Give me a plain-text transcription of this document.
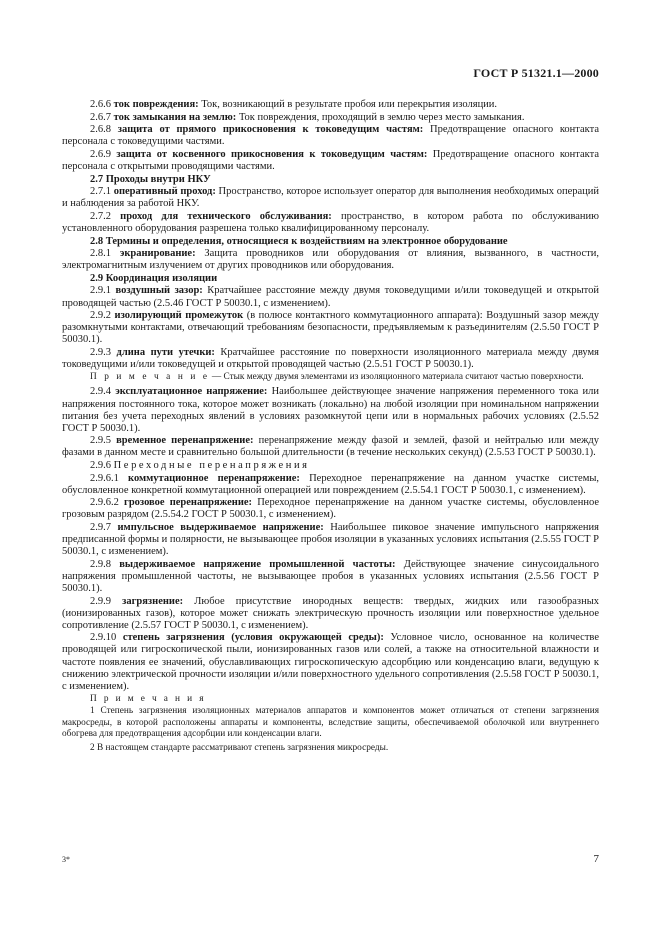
ГОСТ Р 51321.1—2000
2.6.6 ток повреждения: Ток, возникающий в результате пробоя или перекрытия изоляции.
2.6.7 ток замыкания на землю: Ток повреждения, проходящий в землю через место замыкания.
2.6.8 защита от прямого прикосновения к токоведущим частям: Предотвращение опасного контакта персонала с токоведущими частями.
2.6.9 защита от косвенного прикосновения к токоведущим частям: Предотвращение опасного контакта персонала с открытыми проводящими частями.
2.7 Проходы внутри НКУ
2.7.1 оперативный проход: Пространство, которое использует оператор для выполнения необходимых операций и наблюдения за работой НКУ.
2.7.2 проход для технического обслуживания: пространство, в котором работа по обслуживанию установленного оборудования разрешена только квалифицированному персоналу.
2.8 Термины и определения, относящиеся к воздействиям на электронное оборудование
2.8.1 экранирование: Защита проводников или оборудования от влияния, вызванного, в частности, электромагнитным излучением от других проводников или оборудования.
2.9 Координация изоляции
2.9.1 воздушный зазор: Кратчайшее расстояние между двумя токоведущими и/или токоведущей и открытой проводящей частью (2.5.46 ГОСТ Р 50030.1, с изменением).
2.9.2 изолирующий промежуток (в полюсе контактного коммутационного аппарата): Воздушный зазор между разомкнутыми контактами, отвечающий требованиям безопасности, предъявляемым к разъединителям (2.5.50 ГОСТ Р 50030.1).
2.9.3 длина пути утечки: Кратчайшее расстояние по поверхности изоляционного материала между двумя токоведущими и/или токоведущей и открытой проводящей частью (2.5.51 ГОСТ Р 50030.1).
П р и м е ч а н и е — Стык между двумя элементами из изоляционного материала считают частью поверхности.
2.9.4 эксплуатационное напряжение: Наибольшее действующее значение напряжения переменного тока или напряжения постоянного тока, которое может возникать (локально) на любой изоляции при номинальном напряжении питания без учета переходных явлений в условиях разомкнутой цепи или в нормальных рабочих условиях (2.5.52 ГОСТ Р 50030.1).
2.9.5 временное перенапряжение: перенапряжение между фазой и землей, фазой и нейтралью или между фазами в данном месте и сравнительно большой длительности (в течение нескольких секунд) (2.5.53 ГОСТ Р 50030.1).
2.9.6 Переходные перенапряжения
2.9.6.1 коммутационное перенапряжение: Переходное перенапряжение на данном участке системы, обусловленное конкретной коммутационной операцией или повреждением (2.5.54.1 ГОСТ Р 50030.1, с изменением).
2.9.6.2 грозовое перенапряжение: Переходное перенапряжение на данном участке системы, обусловленное грозовым разрядом (2.5.54.2 ГОСТ Р 50030.1, с изменением).
2.9.7 импульсное выдерживаемое напряжение: Наибольшее пиковое значение импульсного напряжения предписанной формы и полярности, не вызывающее пробоя изоляции в указанных условиях испытания (2.5.55 ГОСТ Р 50030.1, с изменением).
2.9.8 выдерживаемое напряжение промышленной частоты: Действующее значение синусоидального напряжения промышленной частоты, не вызывающее пробоя в указанных условиях испытания (2.5.56 ГОСТ Р 50030.1).
2.9.9 загрязнение: Любое присутствие инородных веществ: твердых, жидких или газообразных (ионизированных газов), которое может снижать электрическую прочность изоляции или поверхностное удельное сопротивление (2.5.57 ГОСТ Р 50030.1, с изменением).
2.9.10 степень загрязнения (условия окружающей среды): Условное число, основанное на количестве проводящей или гигроскопической пыли, ионизированных газов или солей, а также на относительной влажности и частоте появления ее значений, обуславливающих гигроскопическую адсорбцию или конденсацию влаги, ведущую к снижению электрической прочности изоляции и/или поверхностного удельного сопротивления (2.5.58 ГОСТ Р 50030.1, с изменением).
П р и м е ч а н и я
1 Степень загрязнения изоляционных материалов аппаратов и компонентов может отличаться от степени загрязнения макросреды, в которой расположены аппараты и компоненты, вследствие защиты, обеспечиваемой оболочкой или внутреннего обогрева для предотвращения адсорбции или конденсации влаги.
2 В настоящем стандарте рассматривают степень загрязнения микросреды.
3*	7
